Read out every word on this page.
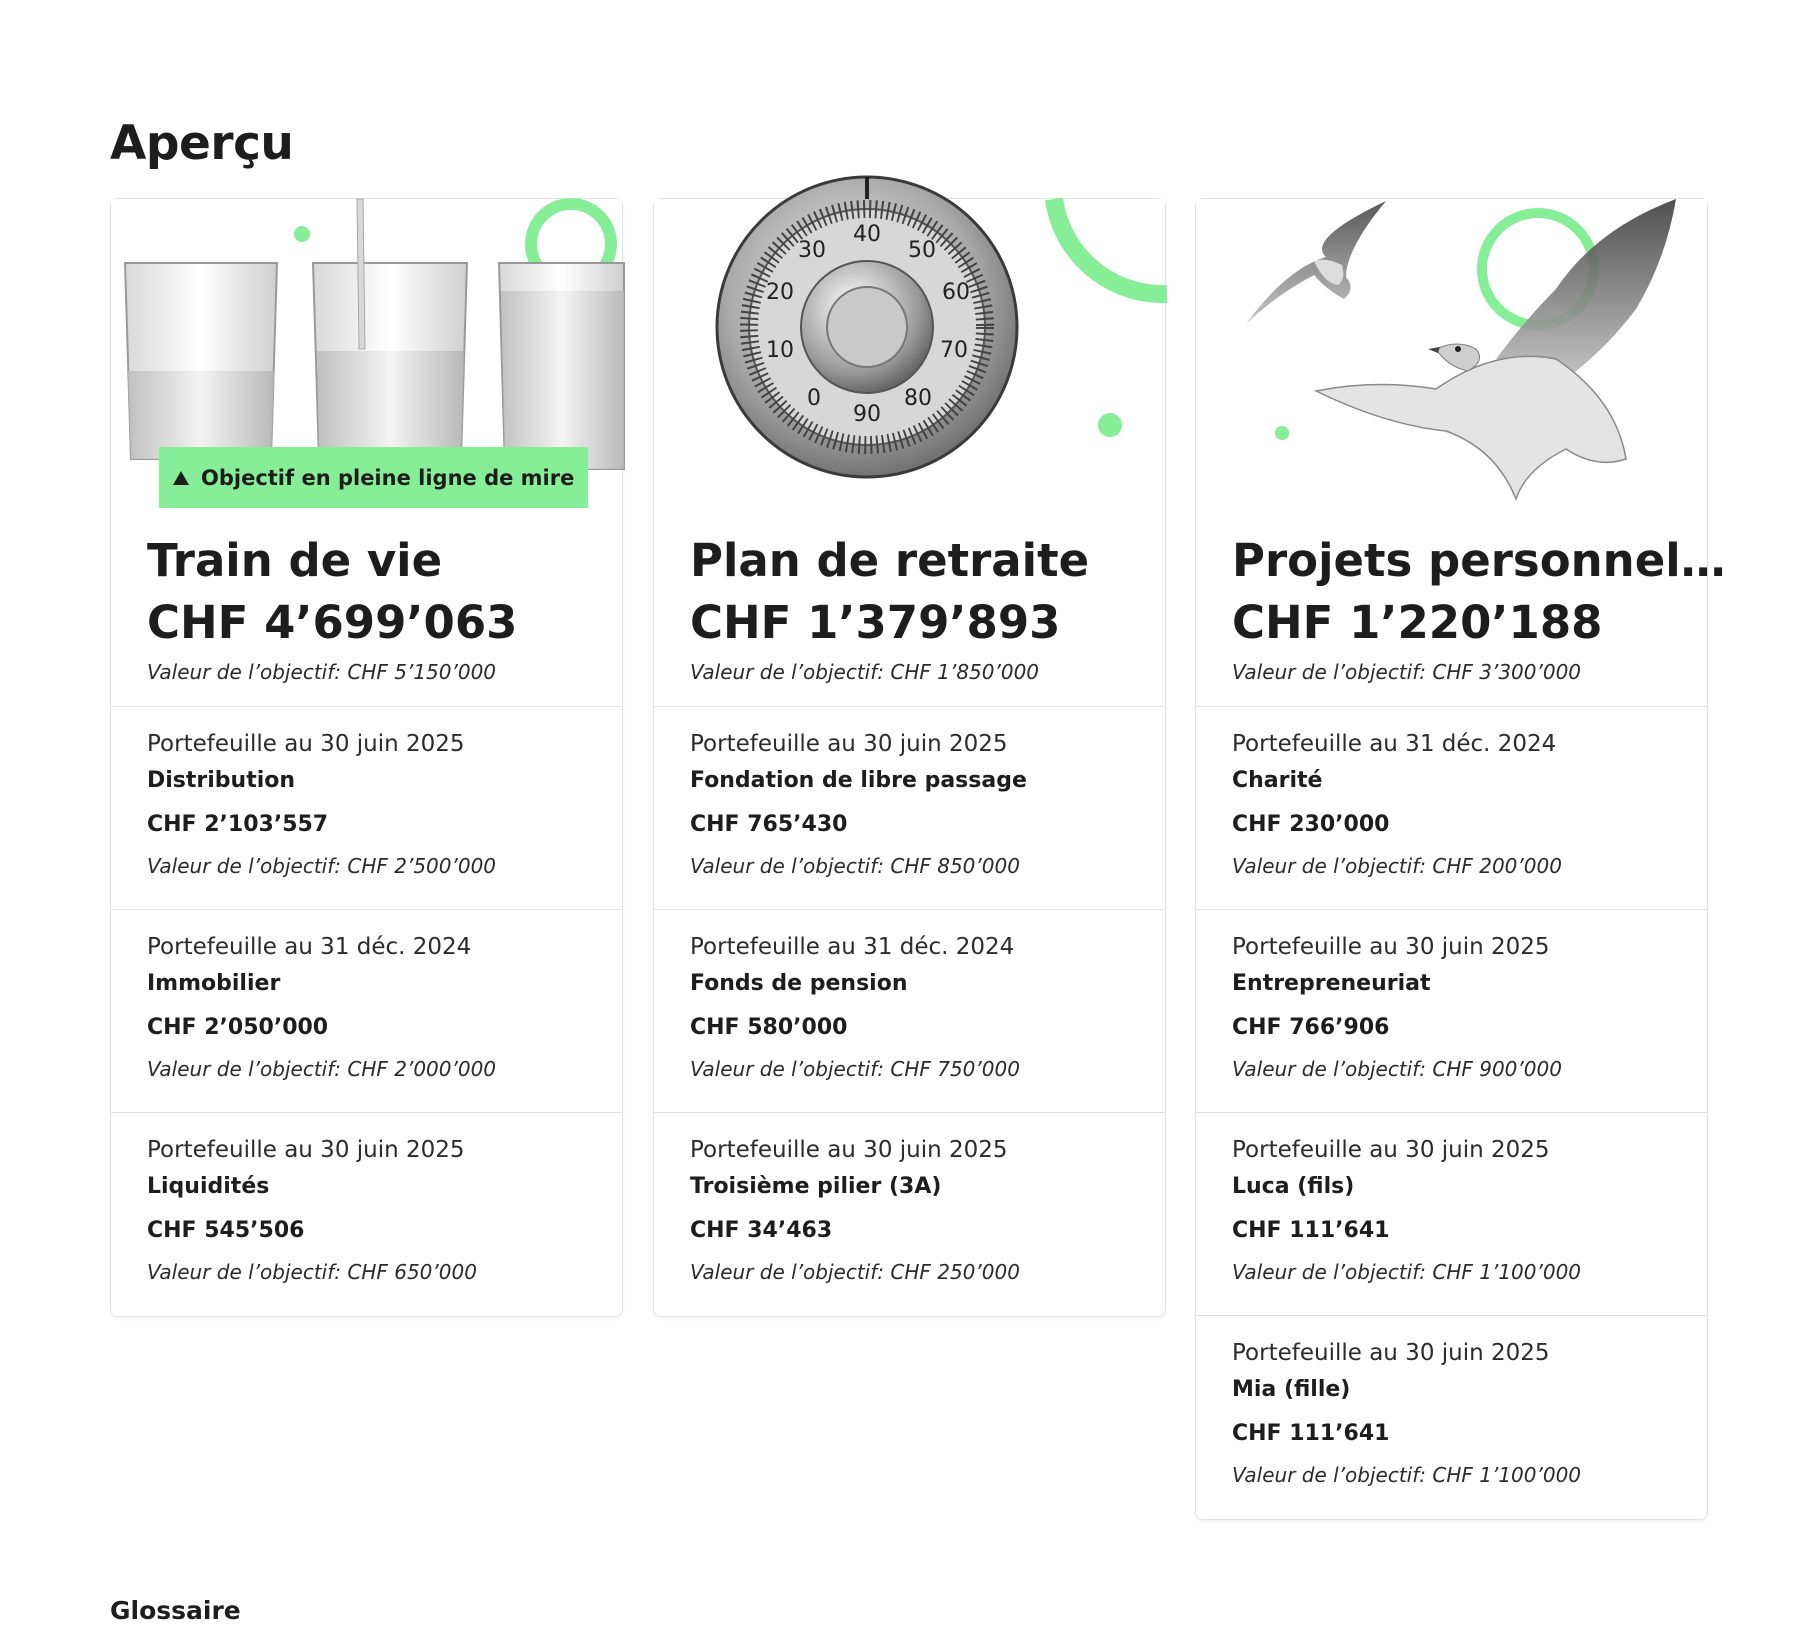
Aperçu
Objectif en pleine ligne de mire
Train de vie
CHF 4’699’063
Valeur de l’objectif: CHF 5’150’000
Portefeuille au 30 juin 2025
Distribution
CHF 2’103’557
Valeur de l’objectif: CHF 2’500’000
Portefeuille au 31 déc. 2024
Immobilier
CHF 2’050’000
Valeur de l’objectif: CHF 2’000’000
Portefeuille au 30 juin 2025
Liquidités
CHF 545’506
Valeur de l’objectif: CHF 650’000
40
30	50
60
70
80
90
0
10
20
Plan de retraite
CHF 1’379’893
Valeur de l’objectif: CHF 1’850’000
Portefeuille au 30 juin 2025
Fondation de libre passage
CHF 765’430
Valeur de l’objectif: CHF 850’000
Portefeuille au 31 déc. 2024
Fonds de pension
CHF 580’000
Valeur de l’objectif: CHF 750’000
Portefeuille au 30 juin 2025
Troisième pilier (3A)
CHF 34’463
Valeur de l’objectif: CHF 250’000
Projets personnel…
CHF 1’220’188
Valeur de l’objectif: CHF 3’300’000
Portefeuille au 31 déc. 2024
Charité
CHF 230’000
Valeur de l’objectif: CHF 200’000
Portefeuille au 30 juin 2025
Entrepreneuriat
CHF 766’906
Valeur de l’objectif: CHF 900’000
Portefeuille au 30 juin 2025
Luca (fils)
CHF 111’641
Valeur de l’objectif: CHF 1’100’000
Portefeuille au 30 juin 2025
Mia (fille)
CHF 111’641
Valeur de l’objectif: CHF 1’100’000
Glossaire
